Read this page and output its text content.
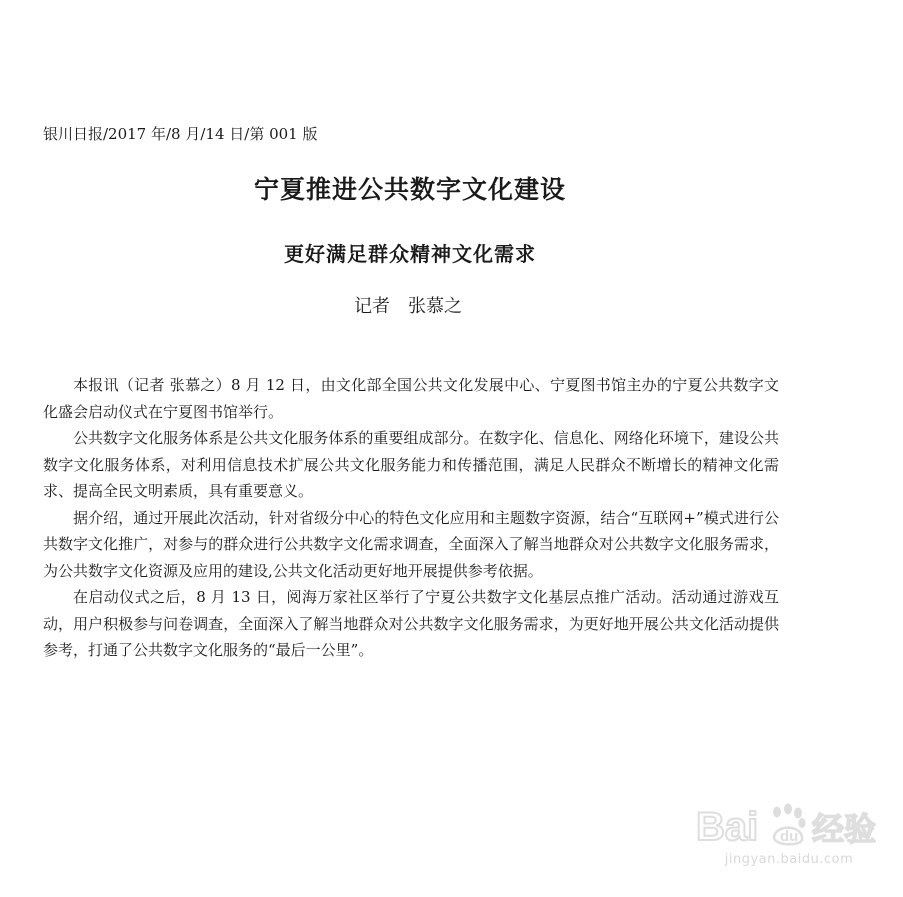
银川日报/2017 年/8 月/14 日/第 001 版
宁夏推进公共数字文化建设
更好满足群众精神文化需求
记者　张慕之

本报讯（记者 张慕之）8 月 12 日，由文化部全国公共文化发展中心、宁夏图书馆主办的宁夏公共数字文化盛会启动仪式在宁夏图书馆举行。

公共数字文化服务体系是公共文化服务体系的重要组成部分。在数字化、信息化、网络化环境下，建设公共数字文化服务体系，对利用信息技术扩展公共文化服务能力和传播范围，满足人民群众不断增长的精神文化需求、提高全民文明素质，具有重要意义。

据介绍，通过开展此次活动，针对省级分中心的特色文化应用和主题数字资源，结合“互联网+”模式进行公共数字文化推广，对参与的群众进行公共数字文化需求调查，全面深入了解当地群众对公共数字文化服务需求，为公共数字文化资源及应用的建设,公共文化活动更好地开展提供参考依据。

在启动仪式之后，8 月 13 日，阅海万家社区举行了宁夏公共数字文化基层点推广活动。活动通过游戏互动，用户积极参与问卷调查，全面深入了解当地群众对公共数字文化服务需求，为更好地开展公共文化活动提供参考，打通了公共数字文化服务的“最后一公里”。

Bai du 经验
jingyan.baidu.com
